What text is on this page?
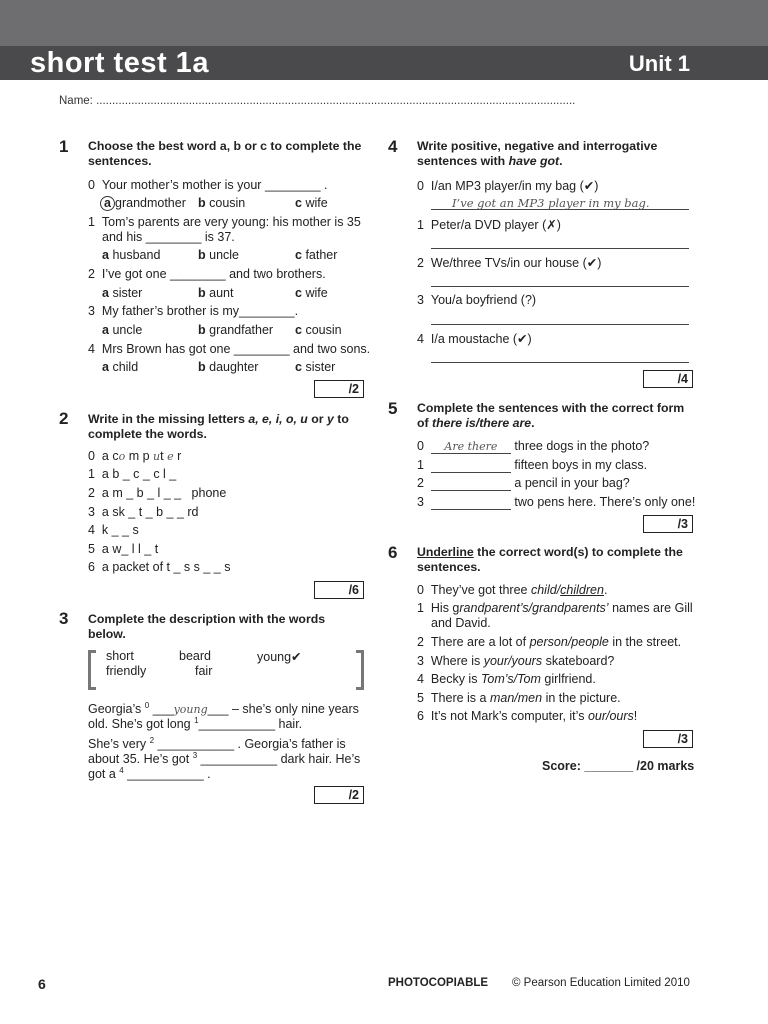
short test 1a	Unit 1
Name: ......................................................................................................................................................
1 Choose the best word a, b or c to complete the sentences.
0 Your mother’s mother is your ________ .
a grandmother b cousin	c wife
1 Tom’s parents are very young: his mother is 35
and his ________ is 37.
a husband	b uncle	c father
2 I’ve got one ________ and two brothers.
a sister	b aunt	c wife
3 My father’s brother is my________.
a uncle	b grandfather c cousin
4 Mrs Brown has got one ________ and two sons.
a child	b daughter	c sister
/2
2 Write in the missing letters a, e, i, o, u or y to
complete the words.
0 a co m p ut e r
1 a b _ c _ c l _
2 a m _ b _ l _ _   phone
3 a sk _ t _ b _ _ rd
4 k _ _ s
5 a w_ l l _ t
6 a packet of t _ s s _ _ s
/6
3 Complete the description with the words below.
short	beard	young✔
friendly	fair
Georgia’s $^0$ ___young___ – she’s only nine years
old. She’s got long $^1$___________ hair.
She’s very $^2$ ___________ . Georgia’s father is
about 35. He’s got $^3$ ___________ dark hair. He’s
got a $^4$ ___________ .
/2
4 Write positive, negative and interrogative
sentences with have got.
0 I/an MP3 player/in my bag (✔)
I’ve got an MP3 player in my bag.
1 Peter/a DVD player (✗)
2 We/three TVs/in our house (✔)
3 You/a boyfriend (?)
4 I/a moustache (✔)
/4
5 Complete the sentences with the correct form
of there is/there are.
0 Are there three dogs in the photo?
1	fifteen boys in my class.
2	a pencil in your bag?
3	two pens here. There’s only one!
/3
6 Underline the correct word(s) to complete the
sentences.
0 They’ve got three child/children.
1 His grandparent’s/grandparents’ names are Gill
and David.
2 There are a lot of person/people in the street.
3 Where is your/yours skateboard?
4 Becky is Tom’s/Tom girlfriend.
5 There is a man/men in the picture.
6 It’s not Mark’s computer, it’s our/ours!
/3
Score: _______ /20 marks
6	PHOTOCOPIABLE © Pearson Education Limited 2010
